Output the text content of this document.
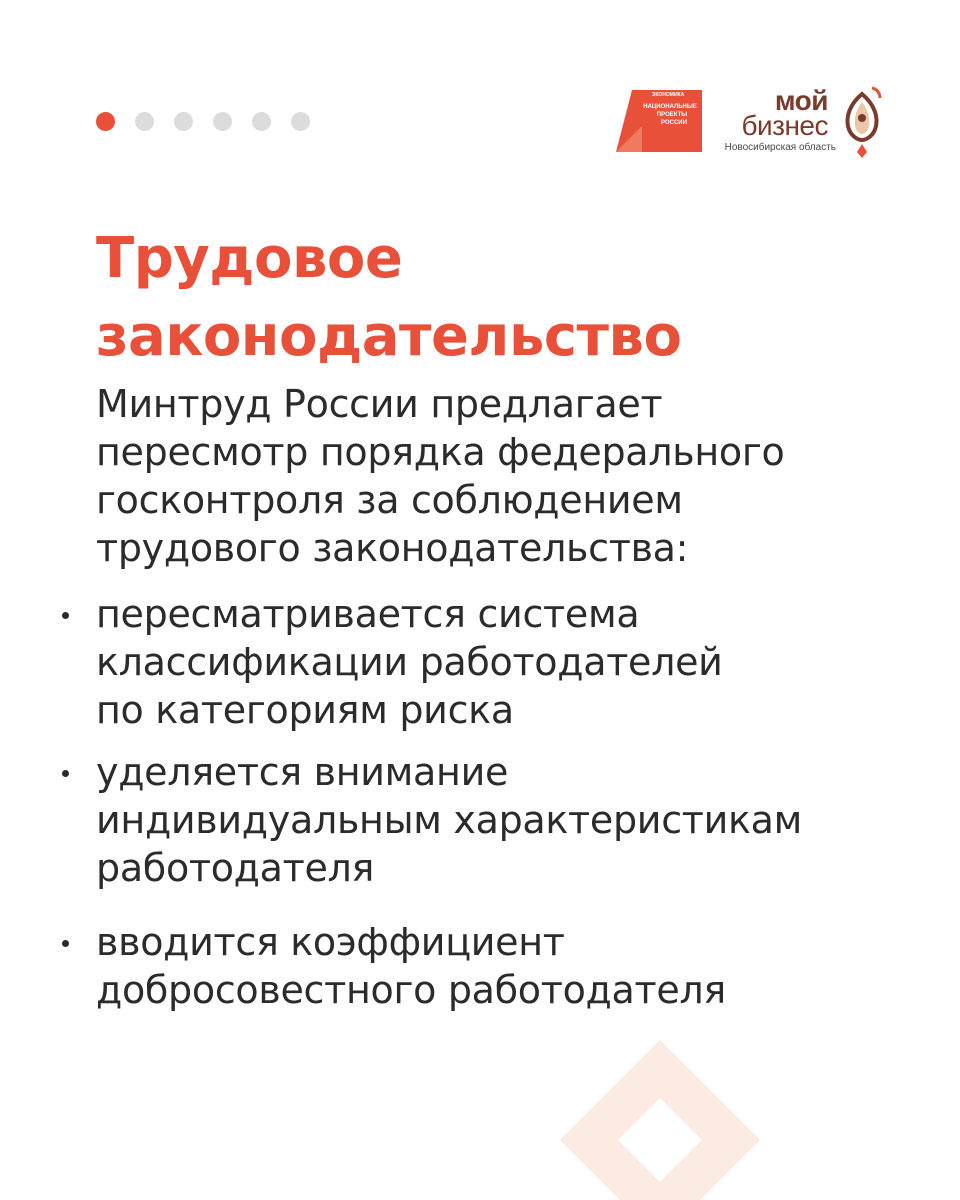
ЭКОНОМИКА
НАЦИОНАЛЬНЫЕ
ПРОЕКТЫ
РОССИИ
мой
бизнес
Новосибирская область
Трудовое
законодательство
Минтруд России предлагает
пересмотр порядка федерального
госконтроля за соблюдением
трудового законодательства:
пересматривается система
классификации работодателей
по категориям риска
уделяется внимание
индивидуальным характеристикам
работодателя
вводится коэффициент
добросовестного работодателя
